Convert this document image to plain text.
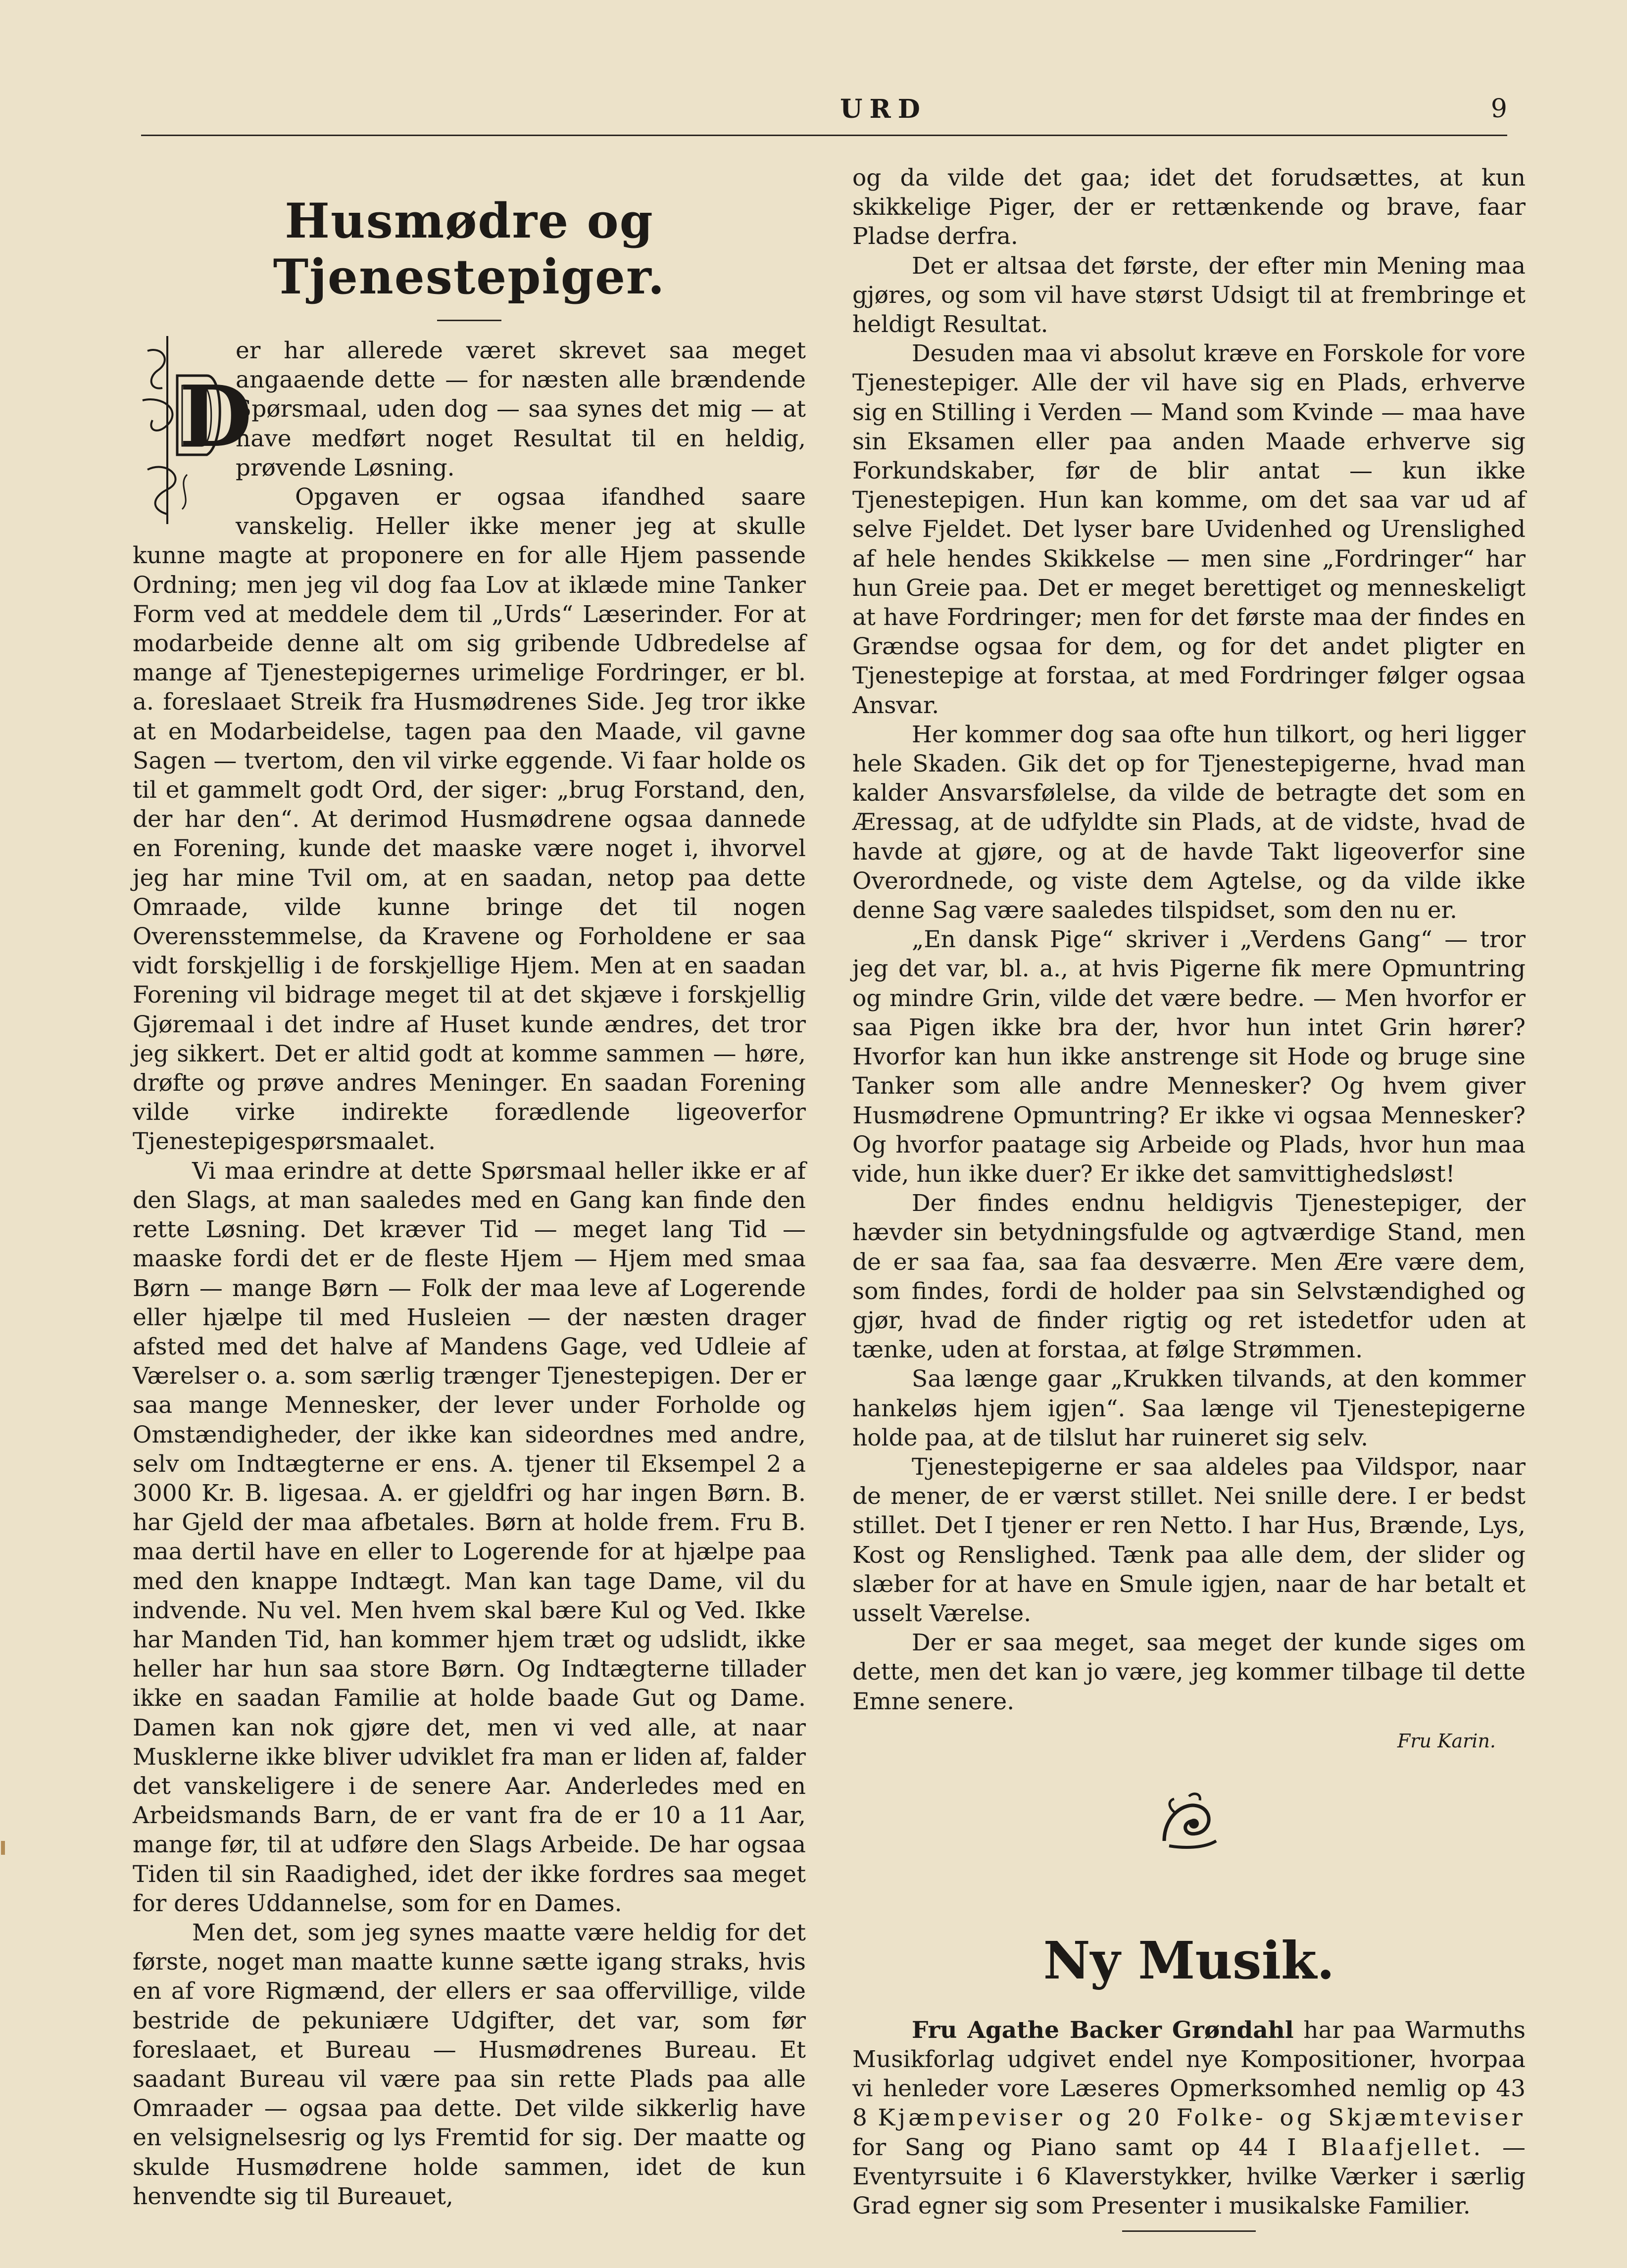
URD	9
Husmødre og Tjenestepiger.
D

er har allerede været skrevet saa meget angaaende dette — for næsten alle brændende Spørsmaal, uden dog — saa synes det mig — at have medført noget Resultat til en heldig, prøvende Løsning.

Opgaven er ogsaa ifandhed saare vanskelig. Heller ikke mener jeg at skulle kunne magte at proponere en for alle Hjem passende Ordning; men jeg vil dog faa Lov at iklæde mine Tanker Form ved at meddele dem til „Urds“ Læserinder. For at modarbeide denne alt om sig gribende Udbredelse af mange af Tjenestepigernes urimelige Fordringer, er bl. a. foreslaaet Streik fra Husmødrenes Side. Jeg tror ikke at en Modarbeidelse, tagen paa den Maade, vil gavne Sagen — tvertom, den vil virke eggende. Vi faar holde os til et gammelt godt Ord, der siger: „brug Forstand, den, der har den“. At derimod Husmødrene ogsaa dannede en Forening, kunde det maaske være noget i, ihvorvel jeg har mine Tvil om, at en saadan, netop paa dette Omraade, vilde kunne bringe det til nogen Overensstemmelse, da Kravene og Forholdene er saa vidt forskjellig i de forskjellige Hjem. Men at en saadan Forening vil bidrage meget til at det skjæve i forskjellig Gjøremaal i det indre af Huset kunde ændres, det tror jeg sikkert. Det er altid godt at komme sammen — høre, drøfte og prøve andres Meninger. En saadan Forening vilde virke indirekte forædlende ligeoverfor Tjenestepigespørsmaalet.

Vi maa erindre at dette Spørsmaal heller ikke er af den Slags, at man saaledes med en Gang kan finde den rette Løsning. Det kræver Tid — meget lang Tid — maaske fordi det er de fleste Hjem — Hjem med smaa Børn — mange Børn — Folk der maa leve af Logerende eller hjælpe til med Husleien — der næsten drager afsted med det halve af Mandens Gage, ved Udleie af Værelser o. a. som særlig trænger Tjenestepigen. Der er saa mange Mennesker, der lever under Forholde og Omstændigheder, der ikke kan sideordnes med andre, selv om Indtægterne er ens. A. tjener til Eksempel 2 a 3000 Kr. B. ligesaa. A. er gjeldfri og har ingen Børn. B. har Gjeld der maa afbetales. Børn at holde frem. Fru B. maa dertil have en eller to Logerende for at hjælpe paa med den knappe Indtægt. Man kan tage Dame, vil du indvende. Nu vel. Men hvem skal bære Kul og Ved. Ikke har Manden Tid, han kommer hjem træt og udslidt, ikke heller har hun saa store Børn. Og Indtægterne tillader ikke en saadan Familie at holde baade Gut og Dame. Damen kan nok gjøre det, men vi ved alle, at naar Musklerne ikke bliver udviklet fra man er liden af, falder det vanskeligere i de senere Aar. Anderledes med en Arbeidsmands Barn, de er vant fra de er 10 a 11 Aar, mange før, til at udføre den Slags Arbeide. De har ogsaa Tiden til sin Raadighed, idet der ikke fordres saa meget for deres Uddannelse, som for en Dames.

Men det, som jeg synes maatte være heldig for det første, noget man maatte kunne sætte igang straks, hvis en af vore Rigmænd, der ellers er saa offervillige, vilde bestride de pekuniære Udgifter, det var, som før foreslaaet, et Bureau — Husmødrenes Bureau. Et saadant Bureau vil være paa sin rette Plads paa alle Omraader — ogsaa paa dette. Det vilde sikkerlig have en velsignelsesrig og lys Fremtid for sig. Der maatte og skulde Husmødrene holde sammen, idet de kun henvendte sig til Bureauet,

og da vilde det gaa; idet det forudsættes, at kun skikkelige Piger, der er rettænkende og brave, faar Pladse derfra.

Det er altsaa det første, der efter min Mening maa gjøres, og som vil have størst Udsigt til at frembringe et heldigt Resultat.

Desuden maa vi absolut kræve en Forskole for vore Tjenestepiger. Alle der vil have sig en Plads, erhverve sig en Stilling i Verden — Mand som Kvinde — maa have sin Eksamen eller paa anden Maade erhverve sig Forkundskaber, før de blir antat — kun ikke Tjenestepigen. Hun kan komme, om det saa var ud af selve Fjeldet. Det lyser bare Uvidenhed og Urenslighed af hele hendes Skikkelse — men sine „Fordringer“ har hun Greie paa. Det er meget berettiget og menneskeligt at have Fordringer; men for det første maa der findes en Grændse ogsaa for dem, og for det andet pligter en Tjenestepige at forstaa, at med Fordringer følger ogsaa Ansvar.

Her kommer dog saa ofte hun tilkort, og heri ligger hele Skaden. Gik det op for Tjenestepigerne, hvad man kalder Ansvarsfølelse, da vilde de betragte det som en Æressag, at de udfyldte sin Plads, at de vidste, hvad de havde at gjøre, og at de havde Takt ligeoverfor sine Overordnede, og viste dem Agtelse, og da vilde ikke denne Sag være saaledes tilspidset, som den nu er.

„En dansk Pige“ skriver i „Verdens Gang“ — tror jeg det var, bl. a., at hvis Pigerne fik mere Opmuntring og mindre Grin, vilde det være bedre. — Men hvorfor er saa Pigen ikke bra der, hvor hun intet Grin hører? Hvorfor kan hun ikke anstrenge sit Hode og bruge sine Tanker som alle andre Mennesker? Og hvem giver Husmødrene Opmuntring? Er ikke vi ogsaa Mennesker? Og hvorfor paatage sig Arbeide og Plads, hvor hun maa vide, hun ikke duer? Er ikke det samvittighedsløst!

Der findes endnu heldigvis Tjenestepiger, der hævder sin betydningsfulde og agtværdige Stand, men de er saa faa, saa faa desværre. Men Ære være dem, som findes, fordi de holder paa sin Selvstændighed og gjør, hvad de finder rigtig og ret istedetfor uden at tænke, uden at forstaa, at følge Strømmen.

Saa længe gaar „Krukken tilvands, at den kommer hankeløs hjem igjen“. Saa længe vil Tjenestepigerne holde paa, at de tilslut har ruineret sig selv.

Tjenestepigerne er saa aldeles paa Vildspor, naar de mener, de er værst stillet. Nei snille dere. I er bedst stillet. Det I tjener er ren Netto. I har Hus, Brænde, Lys, Kost og Renslighed. Tænk paa alle dem, der slider og slæber for at have en Smule igjen, naar de har betalt et usselt Værelse.

Der er saa meget, saa meget der kunde siges om dette, men det kan jo være, jeg kommer tilbage til dette Emne senere.

Fru Karin.
Ny Musik.

Fru Agathe Backer Grøndahl har paa Warmuths Musikforlag udgivet endel nye Kompositioner, hvorpaa vi henleder vore Læseres Opmerksomhed nemlig op 43 8 Kjæmpeviser og 20 Folke- og Skjæmteviser for Sang og Piano samt op 44 I Blaafjellet. — Eventyrsuite i 6 Klaverstykker, hvilke Værker i særlig Grad egner sig som Presenter i musikalske Familier.
